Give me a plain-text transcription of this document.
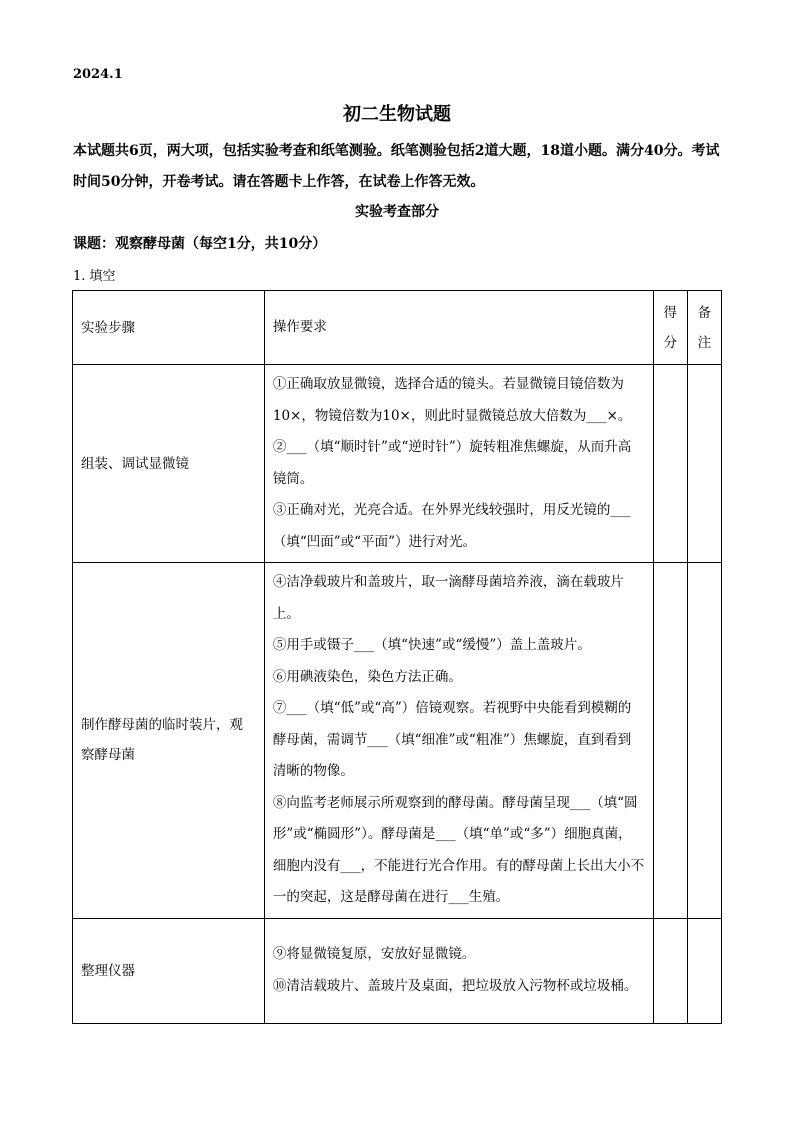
2024.1
初二生物试题
本试题共6页，两大项，包括实验考查和纸笔测验。纸笔测验包括2道大题，18道小题。满分40分。考试时间50分钟，开卷考试。请在答题卡上作答，在试卷上作答无效。
实验考查部分
课题：观察酵母菌（每空1分，共10分）
1. 填空
实验步骤	操作要求	得分	备注
组装、调试显微镜	①正确取放显微镜，选择合适的镜头。若显微镜目镜倍数为10×，物镜倍数为10×，则此时显微镜总放大倍数为___×。
②___（填“顺时针”或“逆时针”）旋转粗准焦螺旋，从而升高镜筒。
③正确对光，光亮合适。在外界光线较强时，用反光镜的___（填“凹面”或“平面”）进行对光。		

制作酵母菌的临时装片，观察酵母菌	④洁净载玻片和盖玻片，取一滴酵母菌培养液，滴在载玻片上。
⑤用手或镊子___（填“快速”或“缓慢”）盖上盖玻片。
⑥用碘液染色，染色方法正确。
⑦___（填“低”或“高”）倍镜观察。若视野中央能看到模糊的酵母菌，需调节___（填“细准”或“粗准”）焦螺旋，直到看到清晰的物像。
⑧向监考老师展示所观察到的酵母菌。酵母菌呈现___（填“圆形”或“椭圆形”）。酵母菌是___（填“单”或“多”）细胞真菌，细胞内没有___，不能进行光合作用。有的酵母菌上长出大小不一的突起，这是酵母菌在进行___生殖。		

整理仪器	⑨将显微镜复原，安放好显微镜。
⑩清洁载玻片、盖玻片及桌面，把垃圾放入污物杯或垃圾桶。		
